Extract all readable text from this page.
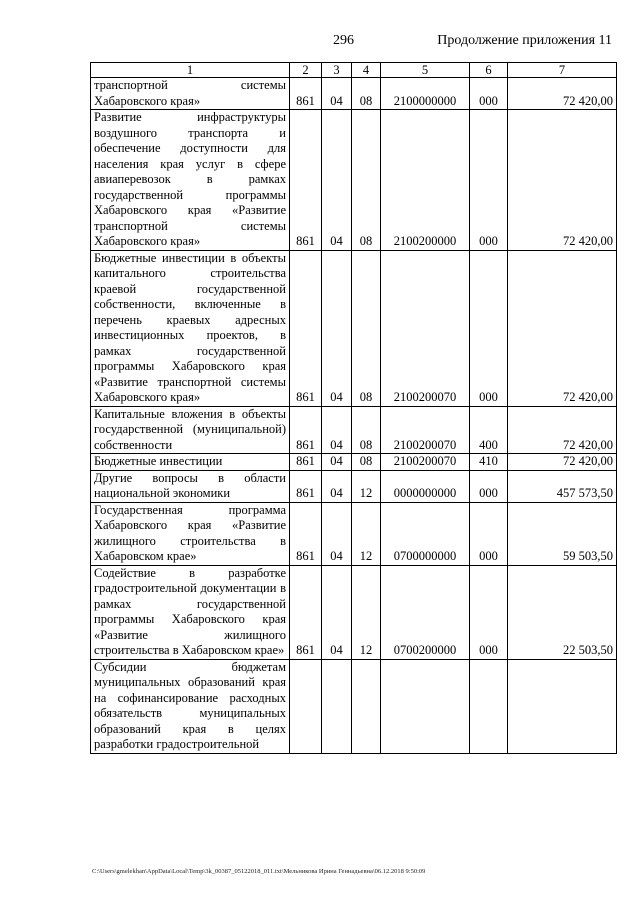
296	Продолжение приложения 11
1	2	3	4	5	6	7
транспортной системы Хабаровского края»	861	04	08	2100000000	000	72 420,00
Развитие инфраструктуры воздушного транспорта и обеспечение доступности для населения края услуг в сфере авиаперевозок в рамках государственной программы Хабаровского края «Развитие транспортной системы Хабаровского края»	861	04	08	2100200000	000	72 420,00
Бюджетные инвестиции в объекты капитального строительства краевой государственной собственности, включенные в перечень краевых адресных инвестиционных проектов, в рамках государственной программы Хабаровского края «Развитие транспортной системы Хабаровского края»	861	04	08	2100200070	000	72 420,00
Капитальные вложения в объекты государственной (муниципальной) собственности	861	04	08	2100200070	400	72 420,00
Бюджетные инвестиции	861	04	08	2100200070	410	72 420,00
Другие вопросы в области национальной экономики	861	04	12	0000000000	000	457 573,50
Государственная программа Хабаровского края «Развитие жилищного строительства в Хабаровском крае»	861	04	12	0700000000	000	59 503,50
Содействие в разработке градостроительной документации в рамках государственной программы Хабаровского края «Развитие жилищного строительства в Хабаровском крае»	861	04	12	0700200000	000	22 503,50
Субсидии бюджетам муниципальных образований края на софинансирование расходных обязательств муниципальных образований края в целях разработки градостроительной						
C:\Users\gmelekhan\AppData\Local\Temp\3k_00387_05122018_011.txt\Мельникова Ирина Геннадьевна\06.12.2018 9:50:09
